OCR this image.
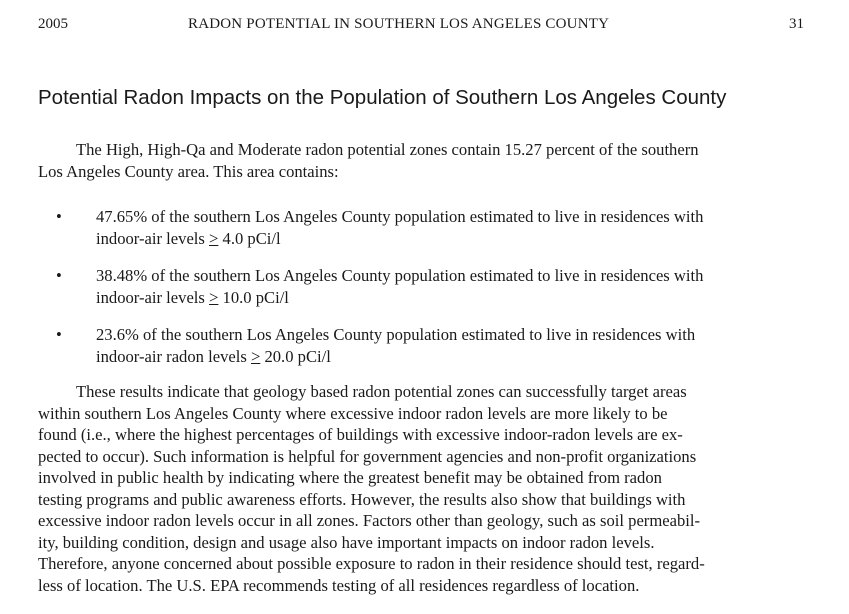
2005	RADON POTENTIAL IN SOUTHERN LOS ANGELES COUNTY	31
Potential Radon Impacts on the Population of Southern Los Angeles County
The High, High-Qa and Moderate radon potential zones contain 15.27 percent of the southern
Los Angeles County area. This area contains:
• 47.65% of the southern Los Angeles County population estimated to live in residences with
indoor-air levels ≥ 4.0 pCi/l
• 38.48% of the southern Los Angeles County population estimated to live in residences with
indoor-air levels ≥ 10.0 pCi/l
• 23.6% of the southern Los Angeles County population estimated to live in residences with
indoor-air radon levels ≥ 20.0 pCi/l
These results indicate that geology based radon potential zones can successfully target areas
within southern Los Angeles County where excessive indoor radon levels are more likely to be
found (i.e., where the highest percentages of buildings with excessive indoor-radon levels are ex-
pected to occur). Such information is helpful for government agencies and non-profit organizations
involved in public health by indicating where the greatest benefit may be obtained from radon
testing programs and public awareness efforts. However, the results also show that buildings with
excessive indoor radon levels occur in all zones. Factors other than geology, such as soil permeabil-
ity, building condition, design and usage also have important impacts on indoor radon levels.
Therefore, anyone concerned about possible exposure to radon in their residence should test, regard-
less of location. The U.S. EPA recommends testing of all residences regardless of location.
